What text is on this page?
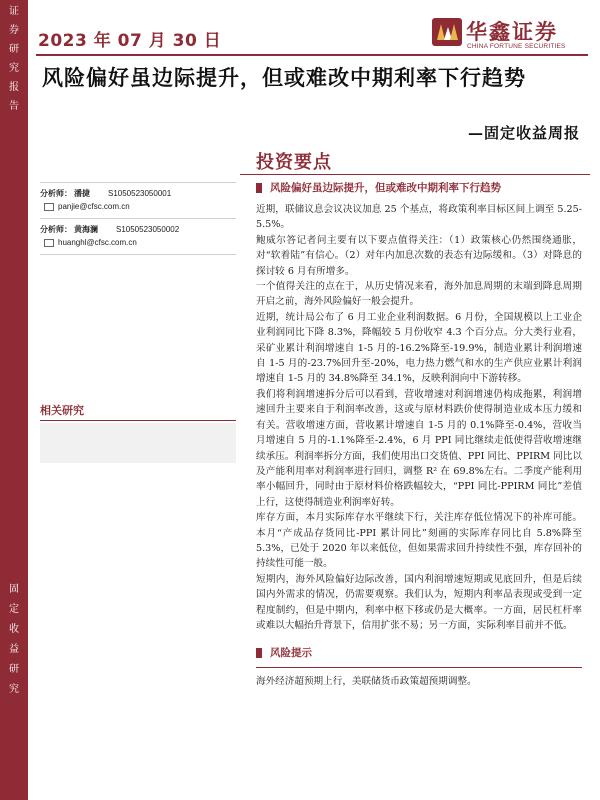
证
券
研
究
报
告
固
定
收
益
研
究
2023 年 07 月 30 日	华鑫证券
CHINA FORTUNE SECURITIES
风险偏好虽边际提升，但或难改中期利率下行趋势
—固定收益周报
投资要点
分析师： 潘捷 S1050523050001
panjie@cfsc.com.cn
分析师： 黄海澜 S1050523050002
huanghl@cfsc.com.cn
相关研究
风险偏好虽边际提升，但或难改中期利率下行趋势

近期，联储议息会议决议加息 25 个基点，将政策利率目标区间上调至 5.25-5.5%。

鲍威尔答记者问主要有以下要点值得关注：（1）政策核心仍然围绕通胀，对“软着陆”有信心。（2）对年内加息次数的表态有边际缓和。（3）对降息的探讨较 6 月有所增多。

一个值得关注的点在于，从历史情况来看，海外加息周期的末端到降息周期开启之前，海外风险偏好一般会提升。

近期，统计局公布了 6 月工业企业利润数据。6 月份，全国规模以上工业企业利润同比下降 8.3%，降幅较 5 月份收窄 4.3 个百分点。分大类行业看，采矿业累计利润增速自 1-5 月的-16.2%降至-19.9%，制造业累计利润增速自 1-5 月的-23.7%回升至-20%，电力热力燃气和水的生产供应业累计利润增速自 1-5 月的 34.8%降至 34.1%，反映利润向中下游转移。

我们将利润增速拆分后可以看到，营收增速对利润增速仍构成拖累，利润增速回升主要来自于利润率改善，这或与原材料跌价使得制造业成本压力缓和有关。营收增速方面，营收累计增速自 1-5 月的 0.1%降至-0.4%，营收当月增速自 5 月的-1.1%降至-2.4%，6 月 PPI 同比继续走低使得营收增速继续承压。利润率拆分方面，我们使用出口交货值、PPI 同比、PPIRM 同比以及产能利用率对利润率进行回归，调整 R² 在 69.8%左右。二季度产能利用率小幅回升，同时由于原材料价格跌幅较大，“PPI 同比-PPIRM 同比”差值上行，这使得制造业利润率好转。

库存方面，本月实际库存水平继续下行，关注库存低位情况下的补库可能。本月“产成品存货同比-PPI 累计同比”刻画的实际库存同比自 5.8%降至 5.3%，已处于 2020 年以来低位，但如果需求回升持续性不强，库存回补的持续性可能一般。

短期内，海外风险偏好边际改善，国内利润增速短期或见底回升，但是后续国内外需求的情况，仍需要观察。我们认为，短期内利率品表现或受到一定程度制约，但是中期内，利率中枢下移或仍是大概率。一方面，居民杠杆率或难以大幅抬升背景下，信用扩张不易；另一方面，实际利率目前并不低。

风险提示

海外经济超预期上行，美联储货币政策超预期调整。
